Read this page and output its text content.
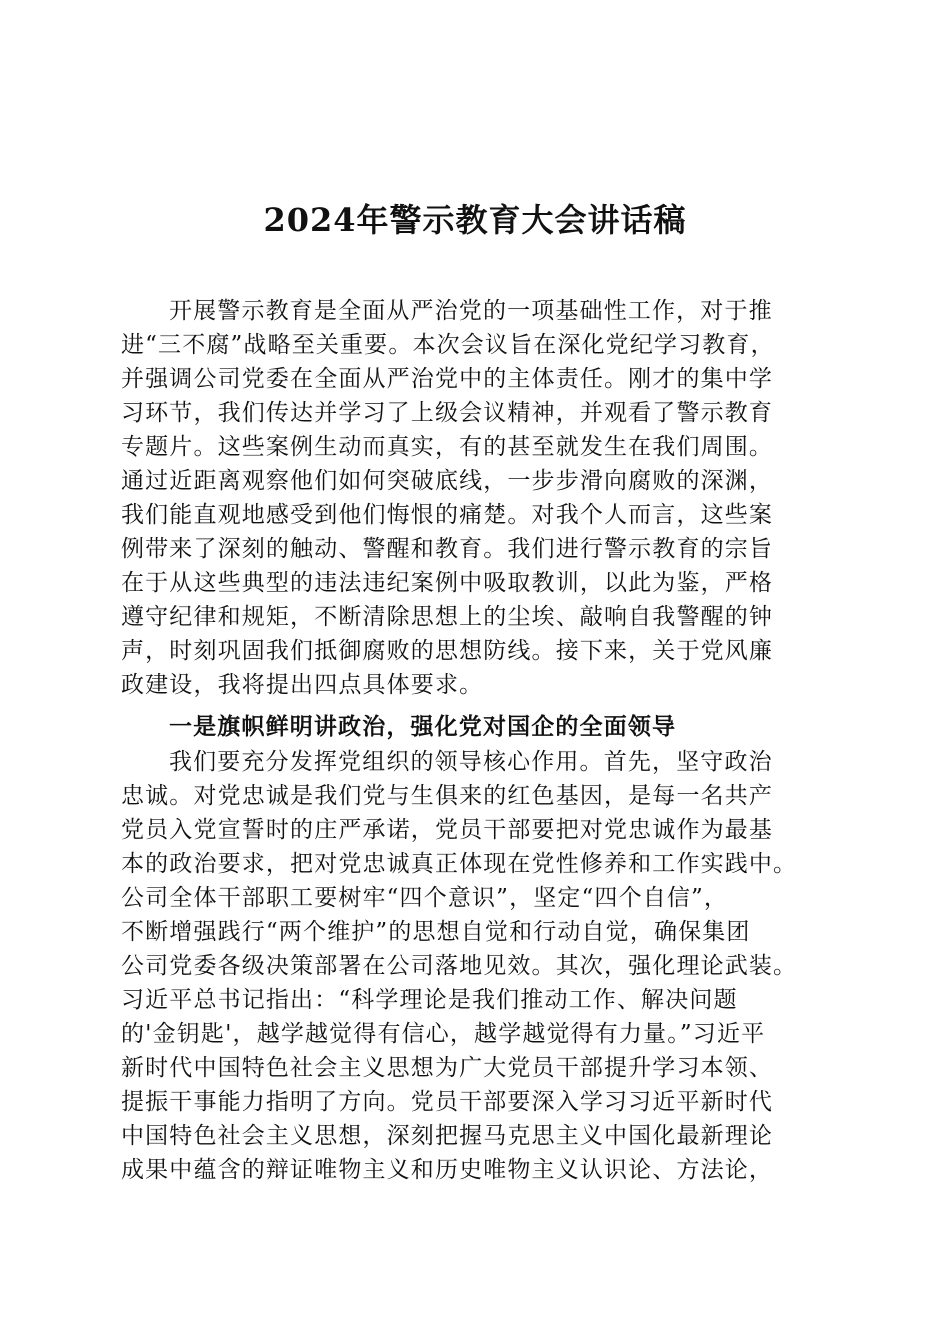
2024年警示教育大会讲话稿
开展警示教育是全面从严治党的一项基础性工作，对于推
进“三不腐”战略至关重要。本次会议旨在深化党纪学习教育，
并强调公司党委在全面从严治党中的主体责任。刚才的集中学
习环节，我们传达并学习了上级会议精神，并观看了警示教育
专题片。这些案例生动而真实，有的甚至就发生在我们周围。
通过近距离观察他们如何突破底线，一步步滑向腐败的深渊，
我们能直观地感受到他们悔恨的痛楚。对我个人而言，这些案
例带来了深刻的触动、警醒和教育。我们进行警示教育的宗旨
在于从这些典型的违法违纪案例中吸取教训，以此为鉴，严格
遵守纪律和规矩，不断清除思想上的尘埃、敲响自我警醒的钟
声，时刻巩固我们抵御腐败的思想防线。接下来，关于党风廉
政建设，我将提出四点具体要求。
一是旗帜鲜明讲政治，强化党对国企的全面领导
我们要充分发挥党组织的领导核心作用。首先，坚守政治
忠诚。对党忠诚是我们党与生俱来的红色基因，是每一名共产
党员入党宣誓时的庄严承诺，党员干部要把对党忠诚作为最基
本的政治要求，把对党忠诚真正体现在党性修养和工作实践中。
公司全体干部职工要树牢“四个意识”，坚定“四个自信”，
不断增强践行“两个维护”的思想自觉和行动自觉，确保集团
公司党委各级决策部署在公司落地见效。其次，强化理论武装。
习近平总书记指出：“科学理论是我们推动工作、解决问题
的'金钥匙'，越学越觉得有信心，越学越觉得有力量。”习近平
新时代中国特色社会主义思想为广大党员干部提升学习本领、
提振干事能力指明了方向。党员干部要深入学习习近平新时代
中国特色社会主义思想，深刻把握马克思主义中国化最新理论
成果中蕴含的辩证唯物主义和历史唯物主义认识论、方法论，
